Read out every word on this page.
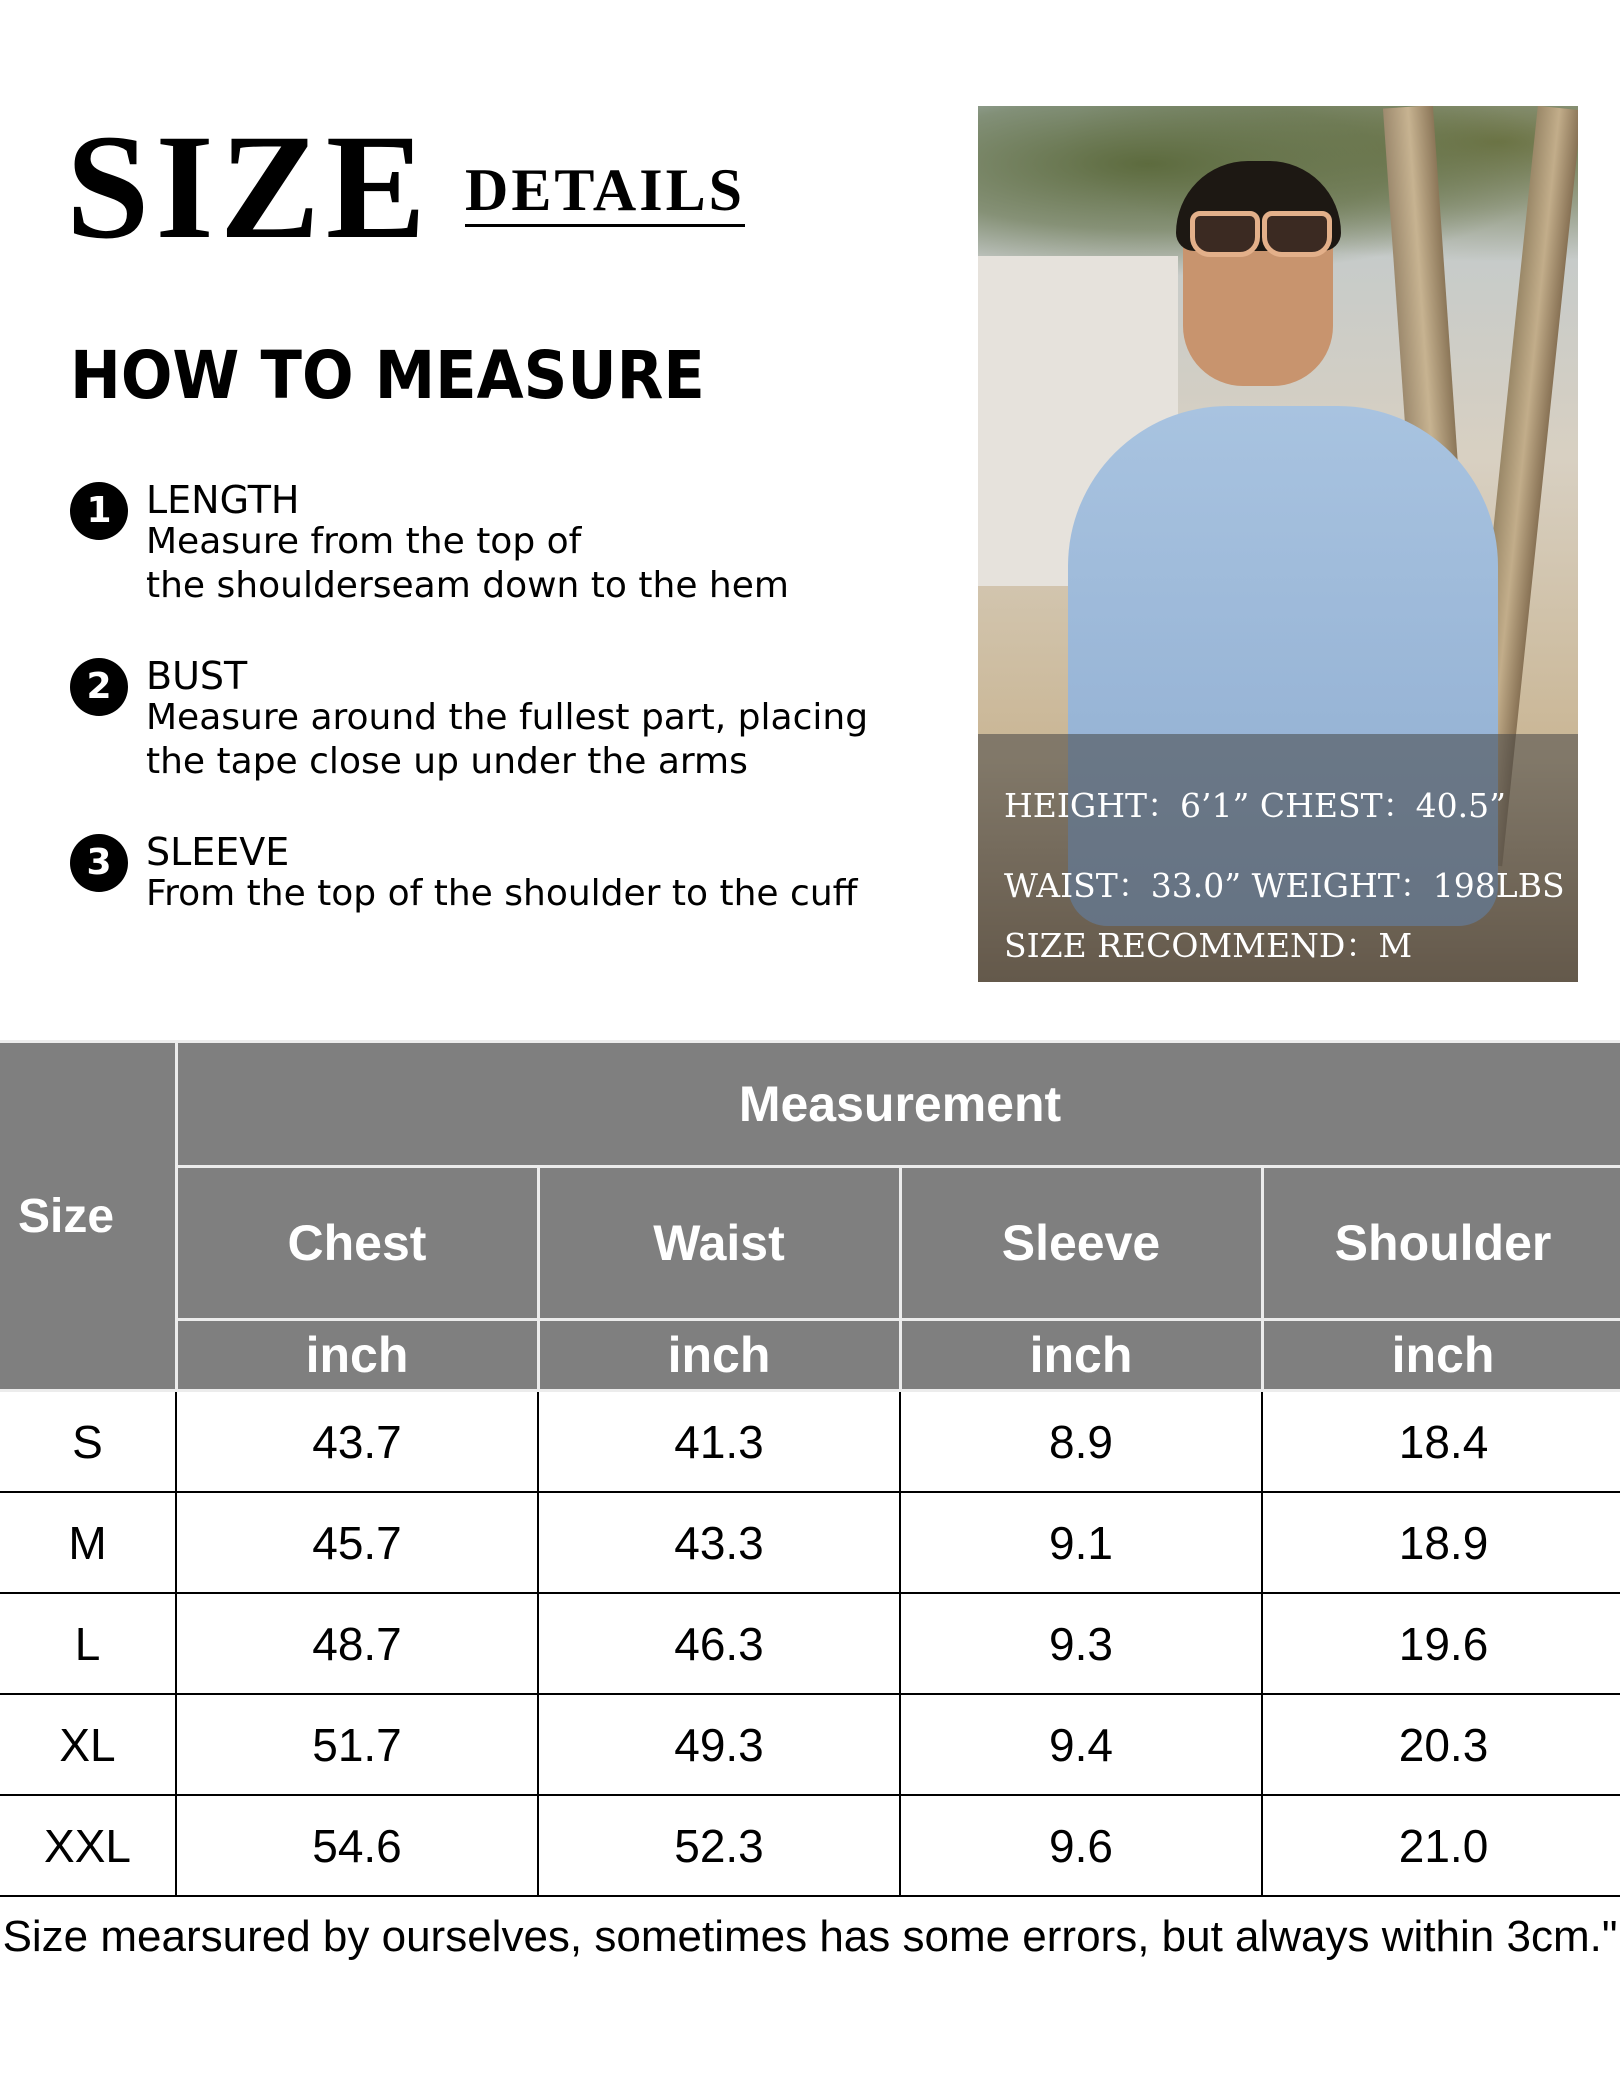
SIZE DETAILS
HOW TO MEASURE
1 LENGTH
Measure from the top of
the shoulderseam down to the hem
2 BUST
Measure around the fullest part, placing
the tape close up under the arms
3 SLEEVE
From the top of the shoulder to the cuff
HEIGHT：6’1” CHEST：40.5”
WAIST：33.0” WEIGHT：198LBS
SIZE RECOMMEND：M
Size	Measurement			
	Chest	Waist	Sleeve	Shoulder
	inch	inch	inch	inch
S	43.7	41.3	8.9	18.4
M	45.7	43.3	9.1	18.9
L	48.7	46.3	9.3	19.6
XL	51.7	49.3	9.4	20.3
XXL	54.6	52.3	9.6	21.0
Size mearsured by ourselves, sometimes has some errors, but always within 3cm."
